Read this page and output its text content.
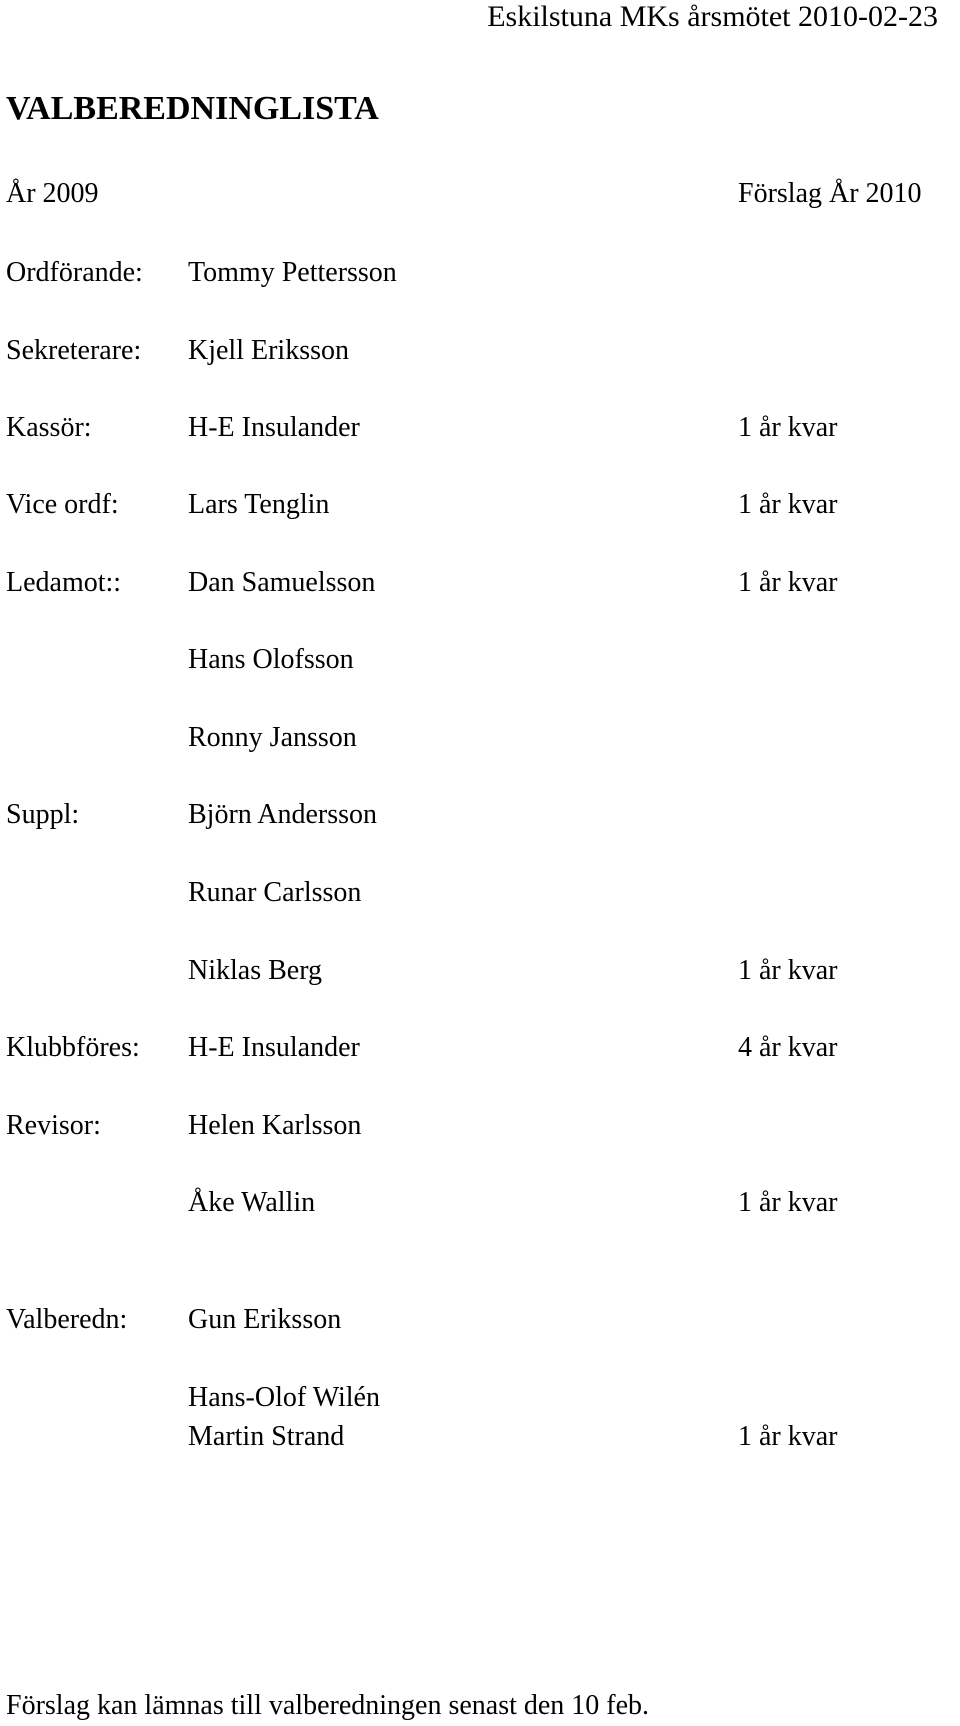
Eskilstuna MKs årsmötet 2010-02-23
VALBEREDNINGLISTA
År 2009	Förslag År 2010
Ordförande: Tommy Pettersson
Sekreterare: Kjell Eriksson
Kassör:	H-E Insulander	1 år kvar
Vice ordf: Lars Tenglin	1 år kvar
Ledamot:: Dan Samuelsson	1 år kvar
Hans Olofsson
Ronny Jansson
Suppl:	Björn Andersson
Runar Carlsson
Niklas Berg	1 år kvar
Klubbföres: H-E Insulander	4 år kvar
Revisor:	Helen Karlsson
Åke Wallin	1 år kvar
Valberedn: Gun Eriksson
Hans-Olof Wilén
Martin Strand	1 år kvar
Förslag kan lämnas till valberedningen senast den 10 feb.
